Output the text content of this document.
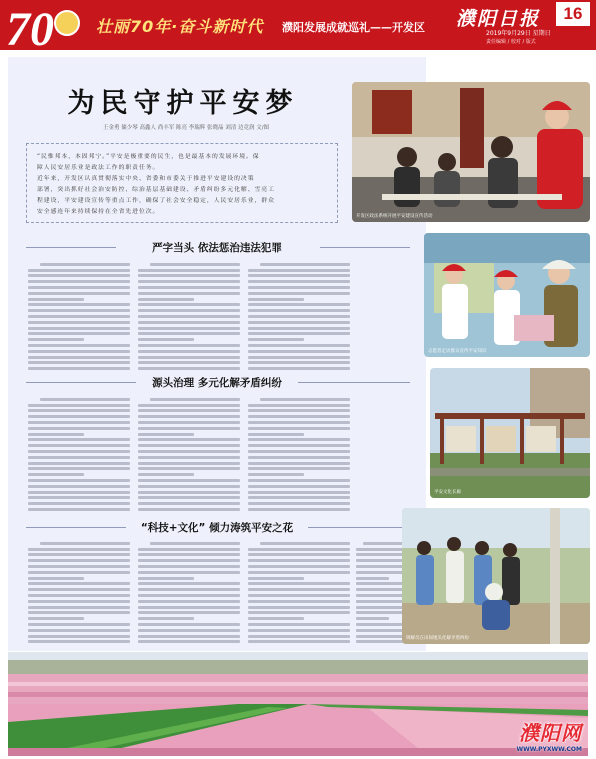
70	壮丽70年·奋斗新时代 濮阳发展成就巡礼——开发区 濮阳日报	16
2019年9月29日 星期日
责任编辑 / 校对 / 版式
为民守护平安梦
王金勇 储少琴 高鑫人 尚丰军 陈亮 李瑞辉 张晓晶 刘清 边竞润 文/图
“民惟邦本，本固邦宁。”平安是极重要的民生，也是最基本的发展环境。保
障人民安居乐业是政法工作的职责任务。
近年来，开发区认真贯彻落实中央、省委和市委关于推进平安建设的决策
部署，突出抓好社会治安防控、综治基层基础建设、矛盾纠纷多元化解、雪亮工
程建设，平安建设宣传等重点工作，确保了社会安全稳定，人民安居乐业，群众
安全感连年来持续保持在全省先进位次。
严字当头 依法惩治违法犯罪
源头治理 多元化解矛盾纠纷
“科技+文化” 倾力涛筑平安之花
开发区政法系统开展平安建设宣传活动
志愿者走访群众宣传平安知识
平安文化长廊
调解员在田间地头化解矛盾纠纷
濮阳网
WWW.PYXWW.COM
